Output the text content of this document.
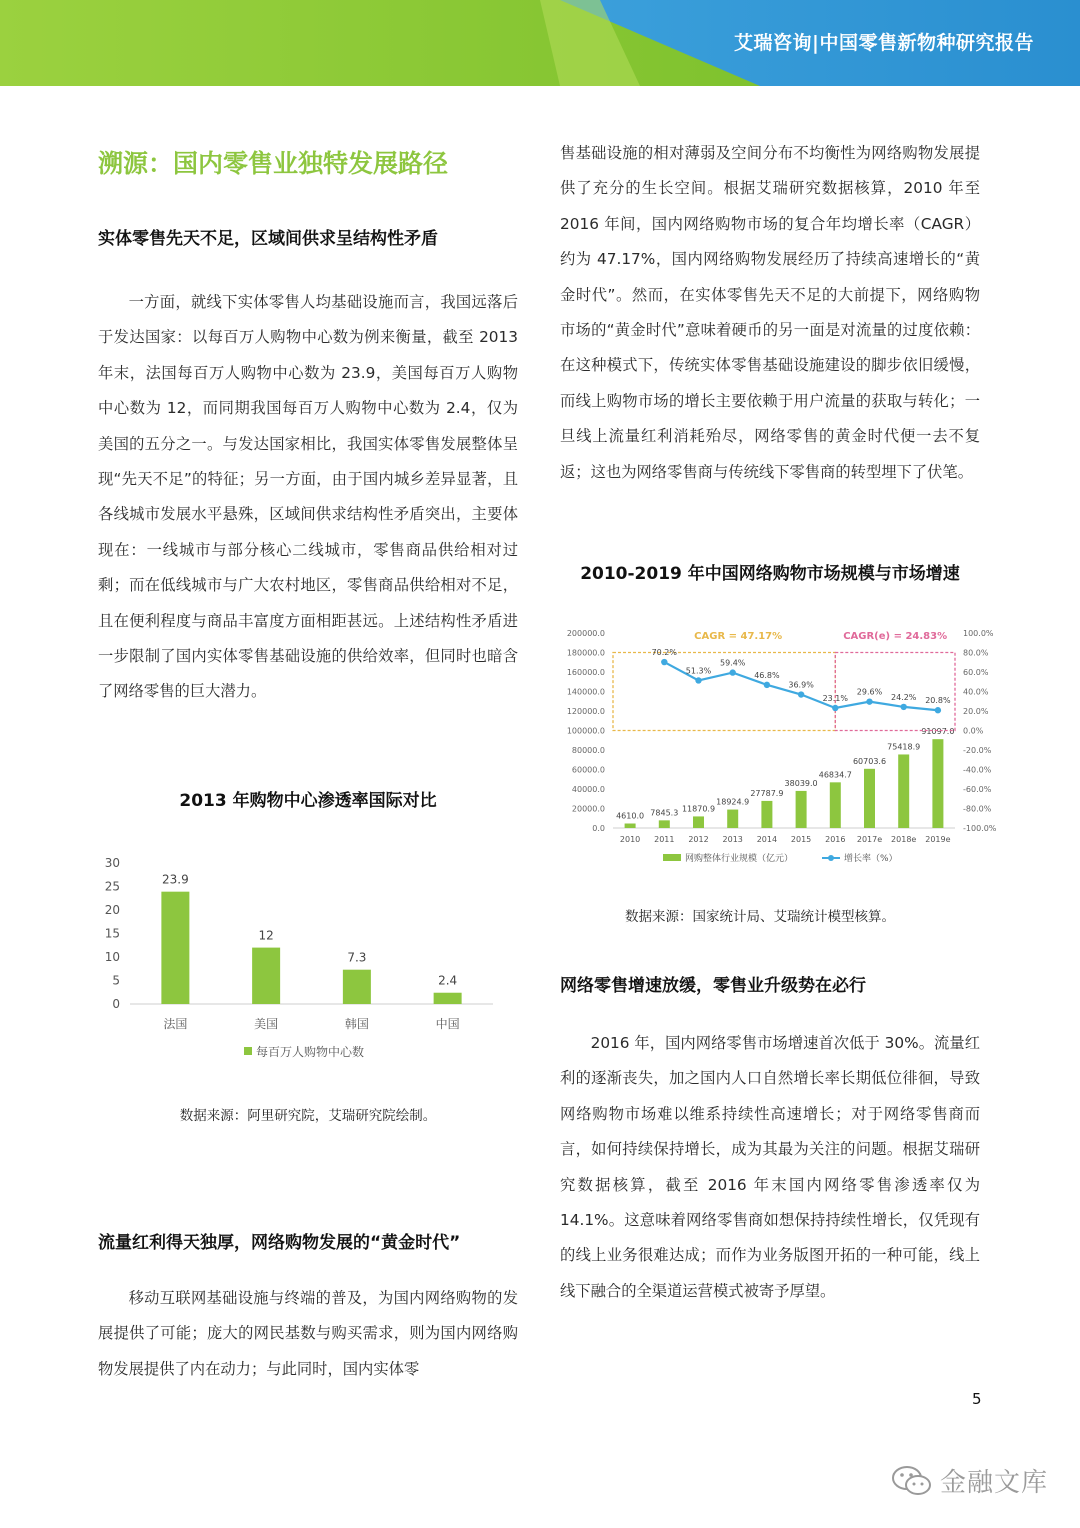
艾瑞咨询|中国零售新物种研究报告
溯源：国内零售业独特发展路径
实体零售先天不足，区域间供求呈结构性矛盾

一方面，就线下实体零售人均基础设施而言，我国远落后于发达国家：以每百万人购物中心数为例来衡量，截至 2013 年末，法国每百万人购物中心数为 23.9，美国每百万人购物中心数为 12，而同期我国每百万人购物中心数为 2.4，仅为美国的五分之一。与发达国家相比，我国实体零售发展整体呈现“先天不足”的特征；另一方面，由于国内城乡差异显著，且各线城市发展水平悬殊，区域间供求结构性矛盾突出，主要体现在：一线城市与部分核心二线城市，零售商品供给相对过剩；而在低线城市与广大农村地区，零售商品供给相对不足，且在便利程度与商品丰富度方面相距甚远。上述结构性矛盾进一步限制了国内实体零售基础设施的供给效率，但同时也暗含了网络零售的巨大潜力。

2013 年购物中心渗透率国际对比

0
5
10
15
20
25
30
23.9
法国
12
美国
7.3
韩国
2.4
中国
每百万人购物中心数

数据来源：阿里研究院，艾瑞研究院绘制。

流量红利得天独厚，网络购物发展的“黄金时代”

移动互联网基础设施与终端的普及，为国内网络购物的发展提供了可能；庞大的网民基数与购买需求，则为国内网络购物发展提供了内在动力；与此同时，国内实体零

售基础设施的相对薄弱及空间分布不均衡性为网络购物发展提供了充分的生长空间。根据艾瑞研究数据核算，2010 年至 2016 年间，国内网络购物市场的复合年均增长率（CAGR）约为 47.17%，国内网络购物发展经历了持续高速增长的“黄金时代”。然而，在实体零售先天不足的大前提下，网络购物市场的“黄金时代”意味着硬币的另一面是对流量的过度依赖：在这种模式下，传统实体零售基础设施建设的脚步依旧缓慢，而线上购物市场的增长主要依赖于用户流量的获取与转化；一旦线上流量红利消耗殆尽，网络零售的黄金时代便一去不复返；这也为网络零售商与传统线下零售商的转型埋下了伏笔。

2010-2019 年中国网络购物市场规模与市场增速

0.0
20000.0
40000.0
60000.0
80000.0
100000.0
120000.0
140000.0
160000.0
180000.0
200000.0
-100.0%
-80.0%
-60.0%
-40.0%
-20.0%
0.0%
20.0%
40.0%
60.0%
80.0%
100.0%
4610.0
2010
7845.3
2011
11870.9
2012
18924.9
2013
27787.9
2014
38039.0
2015
46834.7
2016
60703.6
2017e
75418.9
2018e
91097.0
2019e
CAGR = 47.17%	CAGR(e) = 24.83%
70.2%
51.3%
59.4%
46.8%
36.9%
23.1%
29.6%
24.2% 20.8%
网购整体行业规模（亿元）	增长率（%）

数据来源：国家统计局、艾瑞统计模型核算。

网络零售增速放缓，零售业升级势在必行

2016 年，国内网络零售市场增速首次低于 30%。流量红利的逐渐丧失，加之国内人口自然增长率长期低位徘徊，导致网络购物市场难以维系持续性高速增长；对于网络零售商而言，如何持续保持增长，成为其最为关注的问题。根据艾瑞研究数据核算，截至 2016 年末国内网络零售渗透率仅为 14.1%。这意味着网络零售商如想保持持续性增长，仅凭现有的线上业务很难达成；而作为业务版图开拓的一种可能，线上线下融合的全渠道运营模式被寄予厚望。

5
金融文库
